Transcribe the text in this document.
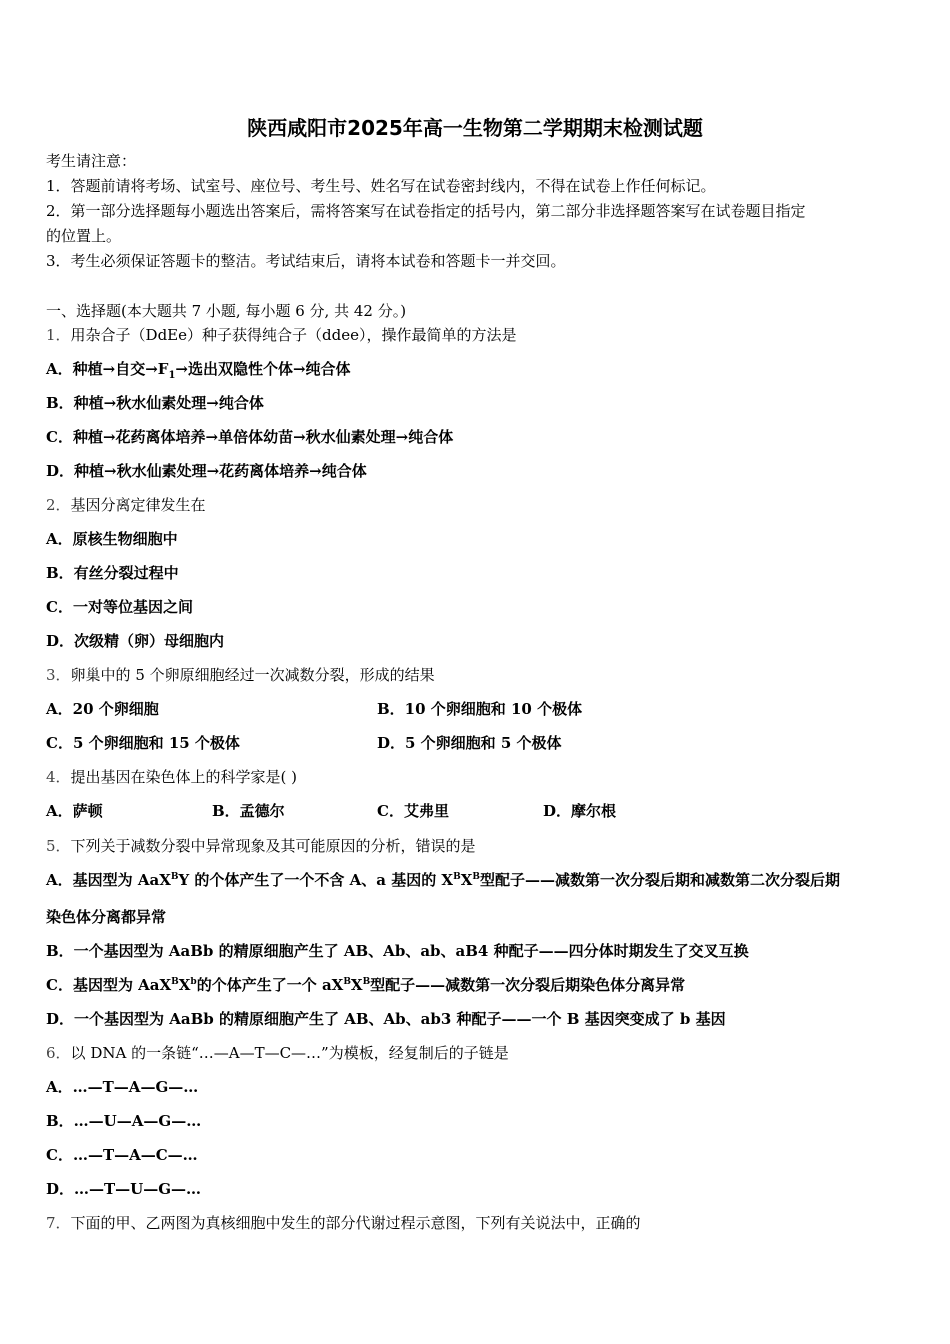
陕西咸阳市2025年高一生物第二学期期末检测试题
考生请注意：
1．答题前请将考场、试室号、座位号、考生号、姓名写在试卷密封线内，不得在试卷上作任何标记。
2．第一部分选择题每小题选出答案后，需将答案写在试卷指定的括号内，第二部分非选择题答案写在试卷题目指定
的位置上。
3．考生必须保证答题卡的整洁。考试结束后，请将本试卷和答题卡一并交回。
一、选择题(本大题共 7 小题, 每小题 6 分, 共 42 分。)
1．用杂合子（DdEe）种子获得纯合子（ddee），操作最简单的方法是
A．种植→自交$\to F_1\to$选出双隐性个体→纯合体
B．种植→秋水仙素处理→纯合体
C．种植→花药离体培养→单倍体幼苗→秋水仙素处理→纯合体
D．种植→秋水仙素处理→花药离体培养→纯合体
2．基因分离定律发生在
A．原核生物细胞中
B．有丝分裂过程中
C．一对等位基因之间
D．次级精（卵）母细胞内
3．卵巢中的 5 个卵原细胞经过一次减数分裂，形成的结果
A．20 个卵细胞	B．10 个卵细胞和 10 个极体
C．5 个卵细胞和 15 个极体	D．5 个卵细胞和 5 个极体
4．提出基因在染色体上的科学家是( )
A．萨顿	B．孟德尔	C．艾弗里	D．摩尔根
5．下列关于减数分裂中异常现象及其可能原因的分析，错误的是
A．基因型为 AaX$^B$Y 的个体产生了一个不含 A、a 基因的 $X^BX^B$型配子——减数第一次分裂后期和减数第二次分裂后期
染色体分离都异常
B．一个基因型为 AaBb 的精原细胞产生了 AB、Ab、ab、aB4 种配子——四分体时期发生了交叉互换
C．基因型为 $AaX^BX^b$的个体产生了一个 $aX^BX^B$型配子——减数第一次分裂后期染色体分离异常
D．一个基因型为 AaBb 的精原细胞产生了 AB、Ab、ab3 种配子——一个 B 基因突变成了 b 基因
6．以 DNA 的一条链“…—A—T—C—…”为模板，经复制后的子链是
A．…—T—A—G—…
B．…—U—A—G—…
C．…—T—A—C—…
D．…—T—U—G—…
7．下面的甲、乙两图为真核细胞中发生的部分代谢过程示意图，下列有关说法中，正确的
